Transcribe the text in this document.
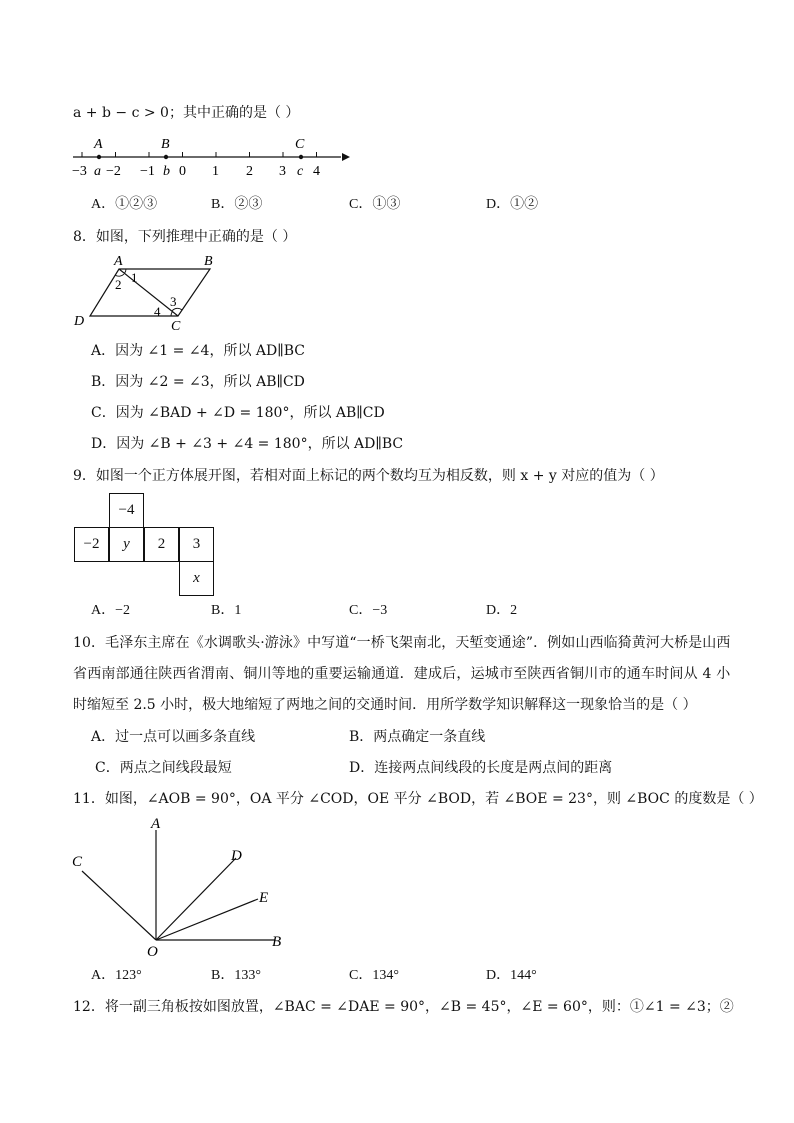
a + b − c > 0；其中正确的是（ ）
A	B	C
−3 a −2 −1 b 0 1 2 3 c 4
A．①②③	B．②③	C．①③	D．①②
8．如图，下列推理中正确的是（ ）
A	B
C
D
1
2
3
4
A．因为 ∠1 = ∠4，所以 AD∥BC
B．因为 ∠2 = ∠3，所以 AB∥CD
C．因为 ∠BAD + ∠D = 180°，所以 AB∥CD
D．因为 ∠B + ∠3 + ∠4 = 180°，所以 AD∥BC
9．如图一个正方体展开图，若相对面上标记的两个数均互为相反数，则 x + y 对应的值为（ ）
−4
−2	y	2	3
x
A．−2	B．1	C．−3	D．2
10．毛泽东主席在《水调歌头·游泳》中写道“一桥飞架南北，天堑变通途”．例如山西临猗黄河大桥是山西
省西南部通往陕西省渭南、铜川等地的重要运输通道．建成后，运城市至陕西省铜川市的通车时间从 4 小
时缩短至 2.5 小时，极大地缩短了两地之间的交通时间．用所学数学知识解释这一现象恰当的是（ ）
A．过一点可以画多条直线	B．两点确定一条直线
C．两点之间线段最短	D．连接两点间线段的长度是两点间的距离
11．如图，∠AOB = 90°，OA 平分 ∠COD，OE 平分 ∠BOD，若 ∠BOE = 23°，则 ∠BOC 的度数是（ ）
A
B
C	D
E
O
A．123°	B．133°	C．134°	D．144°
12．将一副三角板按如图放置，∠BAC = ∠DAE = 90°，∠B = 45°，∠E = 60°，则：①∠1 = ∠3；②
